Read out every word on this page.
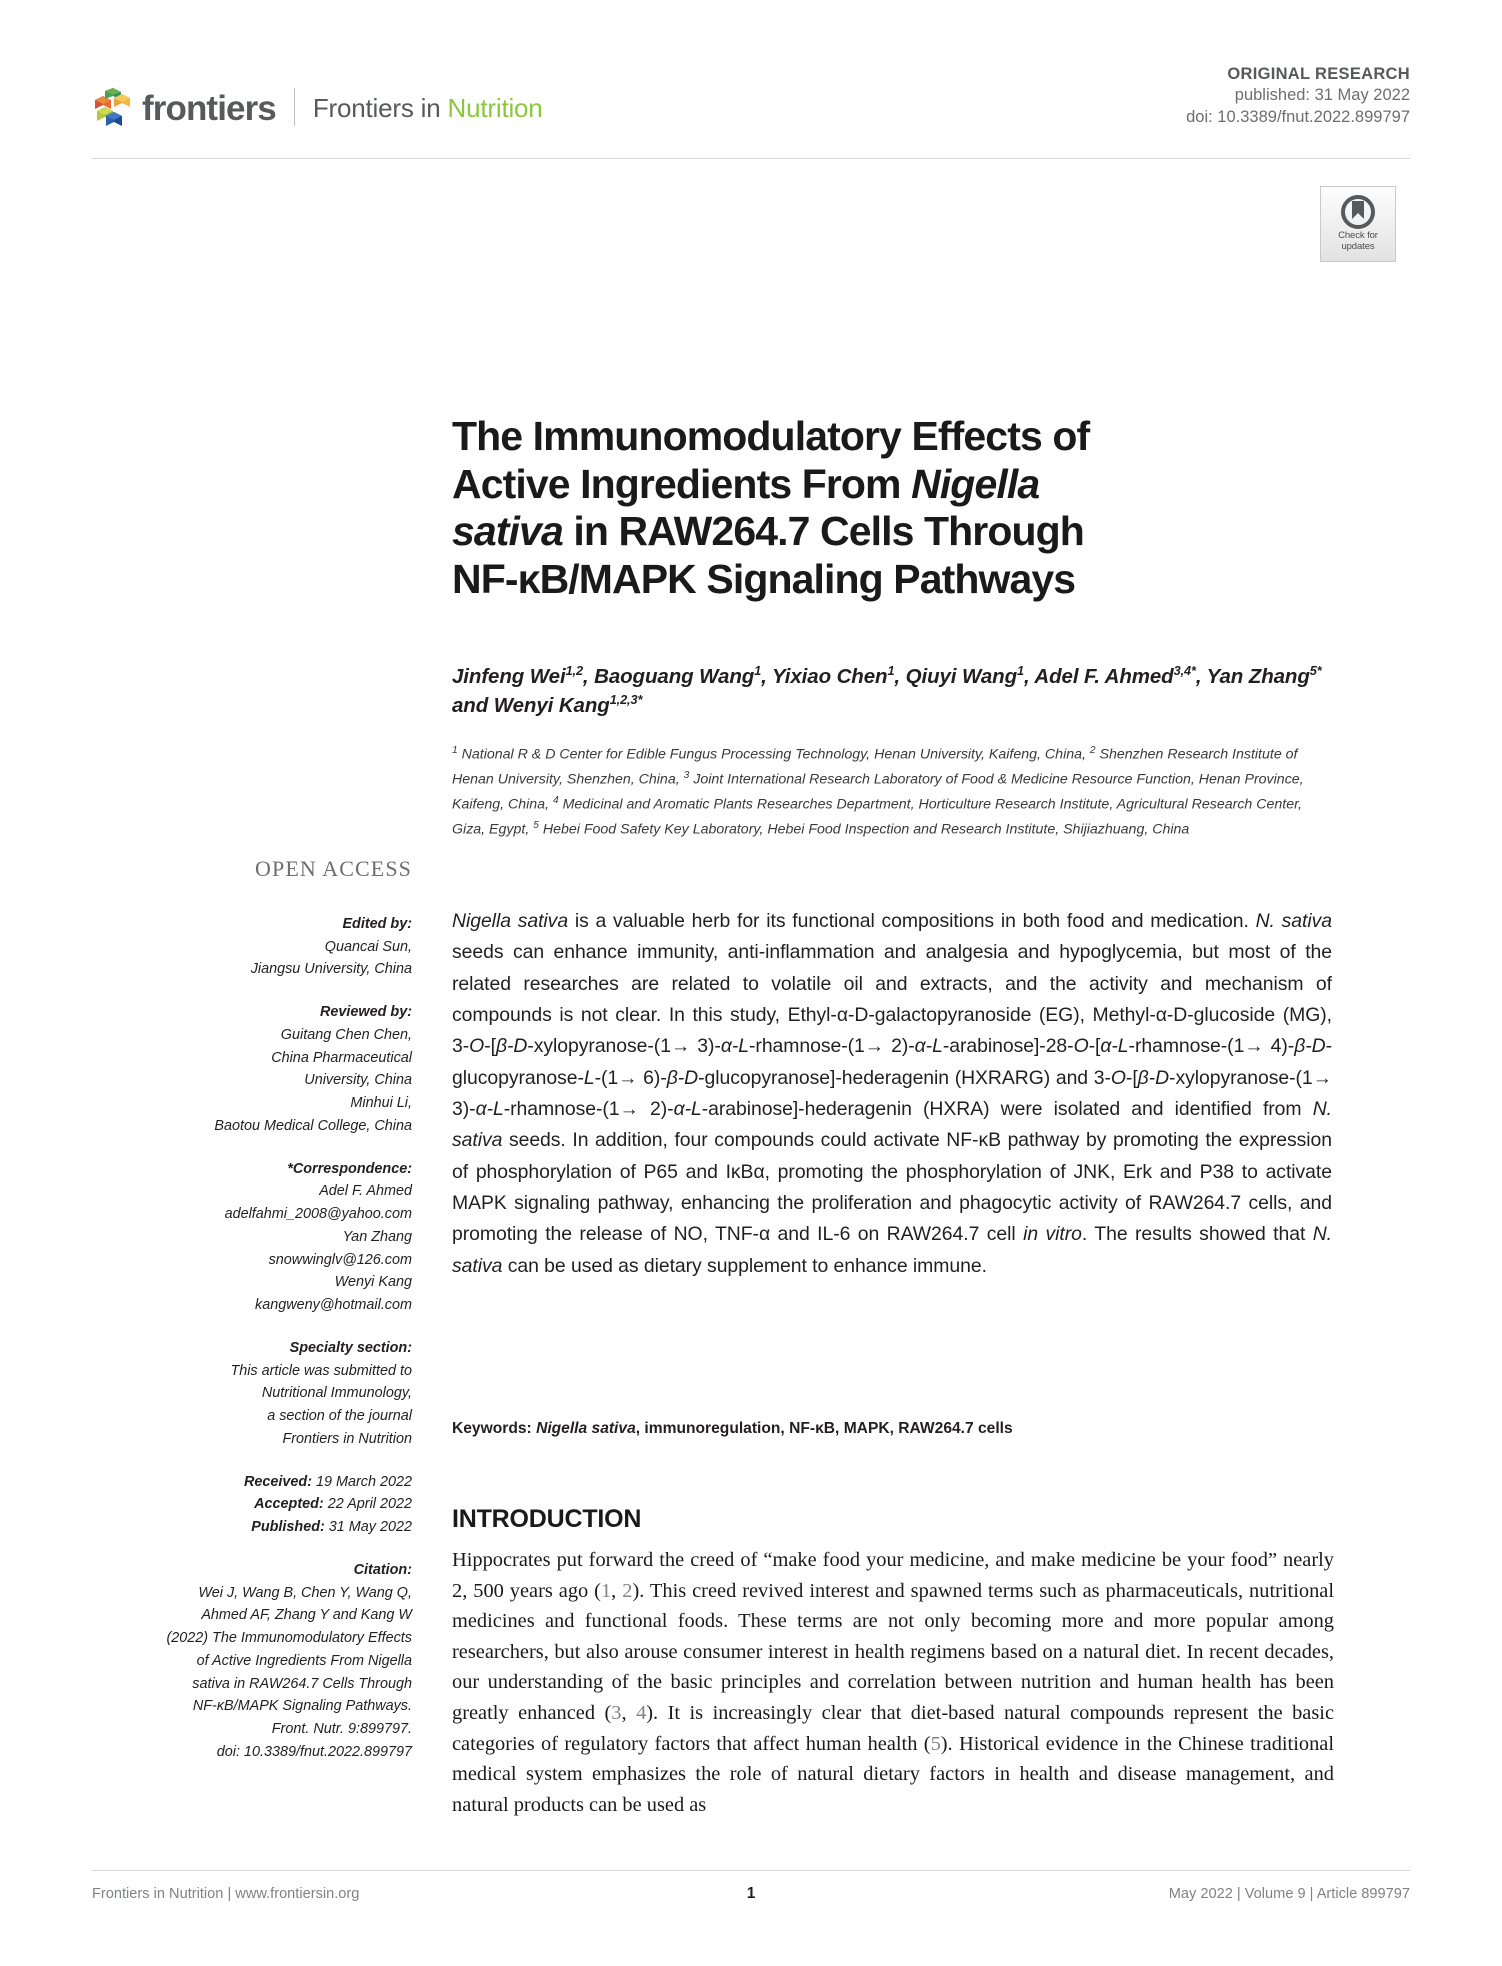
frontiers Frontiers in Nutrition
ORIGINAL RESEARCH
published: 31 May 2022
doi: 10.3389/fnut.2022.899797
Check for
updates
The Immunomodulatory Effects of
Active Ingredients From Nigella
sativa in RAW264.7 Cells Through
NF-κB/MAPK Signaling Pathways
Jinfeng Wei$^{1,2}$, Baoguang Wang$^1$, Yixiao Chen$^1$, Qiuyi Wang$^1$, Adel F. Ahmed$^{3,4*}$, Yan Zhang$^{5*}$ and Wenyi Kang$^{1,2,3*}$
$^1$ National R & D Center for Edible Fungus Processing Technology, Henan University, Kaifeng, China, $^2$ Shenzhen Research Institute of Henan University, Shenzhen, China, $^3$ Joint International Research Laboratory of Food & Medicine Resource Function, Henan Province, Kaifeng, China, $^4$ Medicinal and Aromatic Plants Researches Department, Horticulture Research Institute, Agricultural Research Center, Giza, Egypt, $^5$ Hebei Food Safety Key Laboratory, Hebei Food Inspection and Research Institute, Shijiazhuang, China
OPEN ACCESS
Edited by:
Quancai Sun,
Jiangsu University, China
Reviewed by:
Guitang Chen Chen,
China Pharmaceutical
University, China
Minhui Li,
Baotou Medical College, China
*Correspondence:
Adel F. Ahmed
adelfahmi_2008@yahoo.com
Yan Zhang
snowwinglv@126.com
Wenyi Kang
kangweny@hotmail.com
Specialty section:
This article was submitted to
Nutritional Immunology,
a section of the journal
Frontiers in Nutrition
Received: 19 March 2022
Accepted: 22 April 2022
Published: 31 May 2022
Citation:
Wei J, Wang B, Chen Y, Wang Q,
Ahmed AF, Zhang Y and Kang W
(2022) The Immunomodulatory Effects
of Active Ingredients From Nigella
sativa in RAW264.7 Cells Through
NF-κB/MAPK Signaling Pathways.
Front. Nutr. 9:899797.
doi: 10.3389/fnut.2022.899797
Nigella sativa is a valuable herb for its functional compositions in both food and medication. N. sativa seeds can enhance immunity, anti-inflammation and analgesia and hypoglycemia, but most of the related researches are related to volatile oil and extracts, and the activity and mechanism of compounds is not clear. In this study, Ethyl-α-D-galactopyranoside (EG), Methyl-α-D-glucoside (MG), 3-O-[β-D-xylopyranose-(1→ 3)-α-L-rhamnose-(1→ 2)-α-L-arabinose]-28-O-[α-L-rhamnose-(1→ 4)-β-D-glucopyranose-L-(1→ 6)-β-D-glucopyranose]-hederagenin (HXRARG) and 3-O-[β-D-xylopyranose-(1→ 3)-α-L-rhamnose-(1→ 2)-α-L-arabinose]-hederagenin (HXRA) were isolated and identified from N. sativa seeds. In addition, four compounds could activate NF-κB pathway by promoting the expression of phosphorylation of P65 and IκBα, promoting the phosphorylation of JNK, Erk and P38 to activate MAPK signaling pathway, enhancing the proliferation and phagocytic activity of RAW264.7 cells, and promoting the release of NO, TNF-α and IL-6 on RAW264.7 cell in vitro. The results showed that N. sativa can be used as dietary supplement to enhance immune.
Keywords: Nigella sativa, immunoregulation, NF-κB, MAPK, RAW264.7 cells
INTRODUCTION
Hippocrates put forward the creed of “make food your medicine, and make medicine be your food” nearly 2, 500 years ago (1, 2). This creed revived interest and spawned terms such as pharmaceuticals, nutritional medicines and functional foods. These terms are not only becoming more and more popular among researchers, but also arouse consumer interest in health regimens based on a natural diet. In recent decades, our understanding of the basic principles and correlation between nutrition and human health has been greatly enhanced (3, 4). It is increasingly clear that diet-based natural compounds represent the basic categories of regulatory factors that affect human health (5). Historical evidence in the Chinese traditional medical system emphasizes the role of natural dietary factors in health and disease management, and natural products can be used as
Frontiers in Nutrition | www.frontiersin.org	1	May 2022 | Volume 9 | Article 899797
